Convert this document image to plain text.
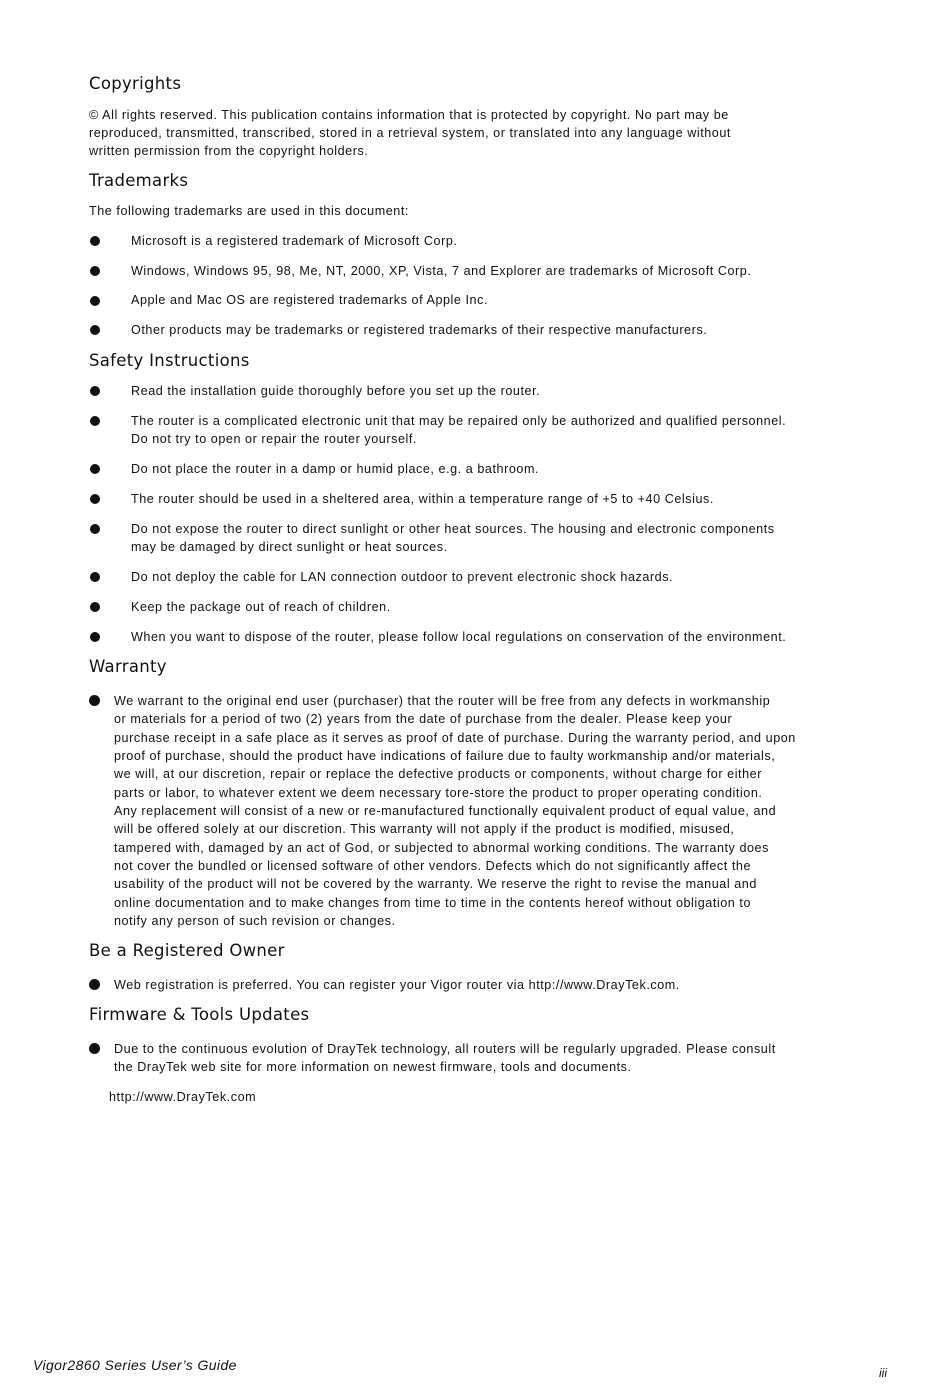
Copyrights

© All rights reserved. This publication contains information that is protected by copyright. No part may be

reproduced, transmitted, transcribed, stored in a retrieval system, or translated into any language without

written permission from the copyright holders.

Trademarks

The following trademarks are used in this document:

Microsoft is a registered trademark of Microsoft Corp.

Windows, Windows 95, 98, Me, NT, 2000, XP, Vista, 7 and Explorer are trademarks of Microsoft Corp.

Apple and Mac OS are registered trademarks of Apple Inc.

Other products may be trademarks or registered trademarks of their respective manufacturers.

Safety Instructions

Read the installation guide thoroughly before you set up the router.

The router is a complicated electronic unit that may be repaired only be authorized and qualified personnel.

Do not try to open or repair the router yourself.

Do not place the router in a damp or humid place, e.g. a bathroom.

The router should be used in a sheltered area, within a temperature range of +5 to +40 Celsius.

Do not expose the router to direct sunlight or other heat sources. The housing and electronic components

may be damaged by direct sunlight or heat sources.

Do not deploy the cable for LAN connection outdoor to prevent electronic shock hazards.

Keep the package out of reach of children.

When you want to dispose of the router, please follow local regulations on conservation of the environment.

Warranty

We warrant to the original end user (purchaser) that the router will be free from any defects in workmanship

or materials for a period of two (2) years from the date of purchase from the dealer. Please keep your

purchase receipt in a safe place as it serves as proof of date of purchase. During the warranty period, and upon

proof of purchase, should the product have indications of failure due to faulty workmanship and/or materials,

we will, at our discretion, repair or replace the defective products or components, without charge for either

parts or labor, to whatever extent we deem necessary tore-store the product to proper operating condition.

Any replacement will consist of a new or re-manufactured functionally equivalent product of equal value, and

will be offered solely at our discretion. This warranty will not apply if the product is modified, misused,

tampered with, damaged by an act of God, or subjected to abnormal working conditions. The warranty does

not cover the bundled or licensed software of other vendors. Defects which do not significantly affect the

usability of the product will not be covered by the warranty. We reserve the right to revise the manual and

online documentation and to make changes from time to time in the contents hereof without obligation to

notify any person of such revision or changes.

Be a Registered Owner

Web registration is preferred. You can register your Vigor router via http://www.DrayTek.com.

Firmware & Tools Updates

Due to the continuous evolution of DrayTek technology, all routers will be regularly upgraded. Please consult

the DrayTek web site for more information on newest firmware, tools and documents.

http://www.DrayTek.com

Vigor2860 Series User’s Guide	iii
